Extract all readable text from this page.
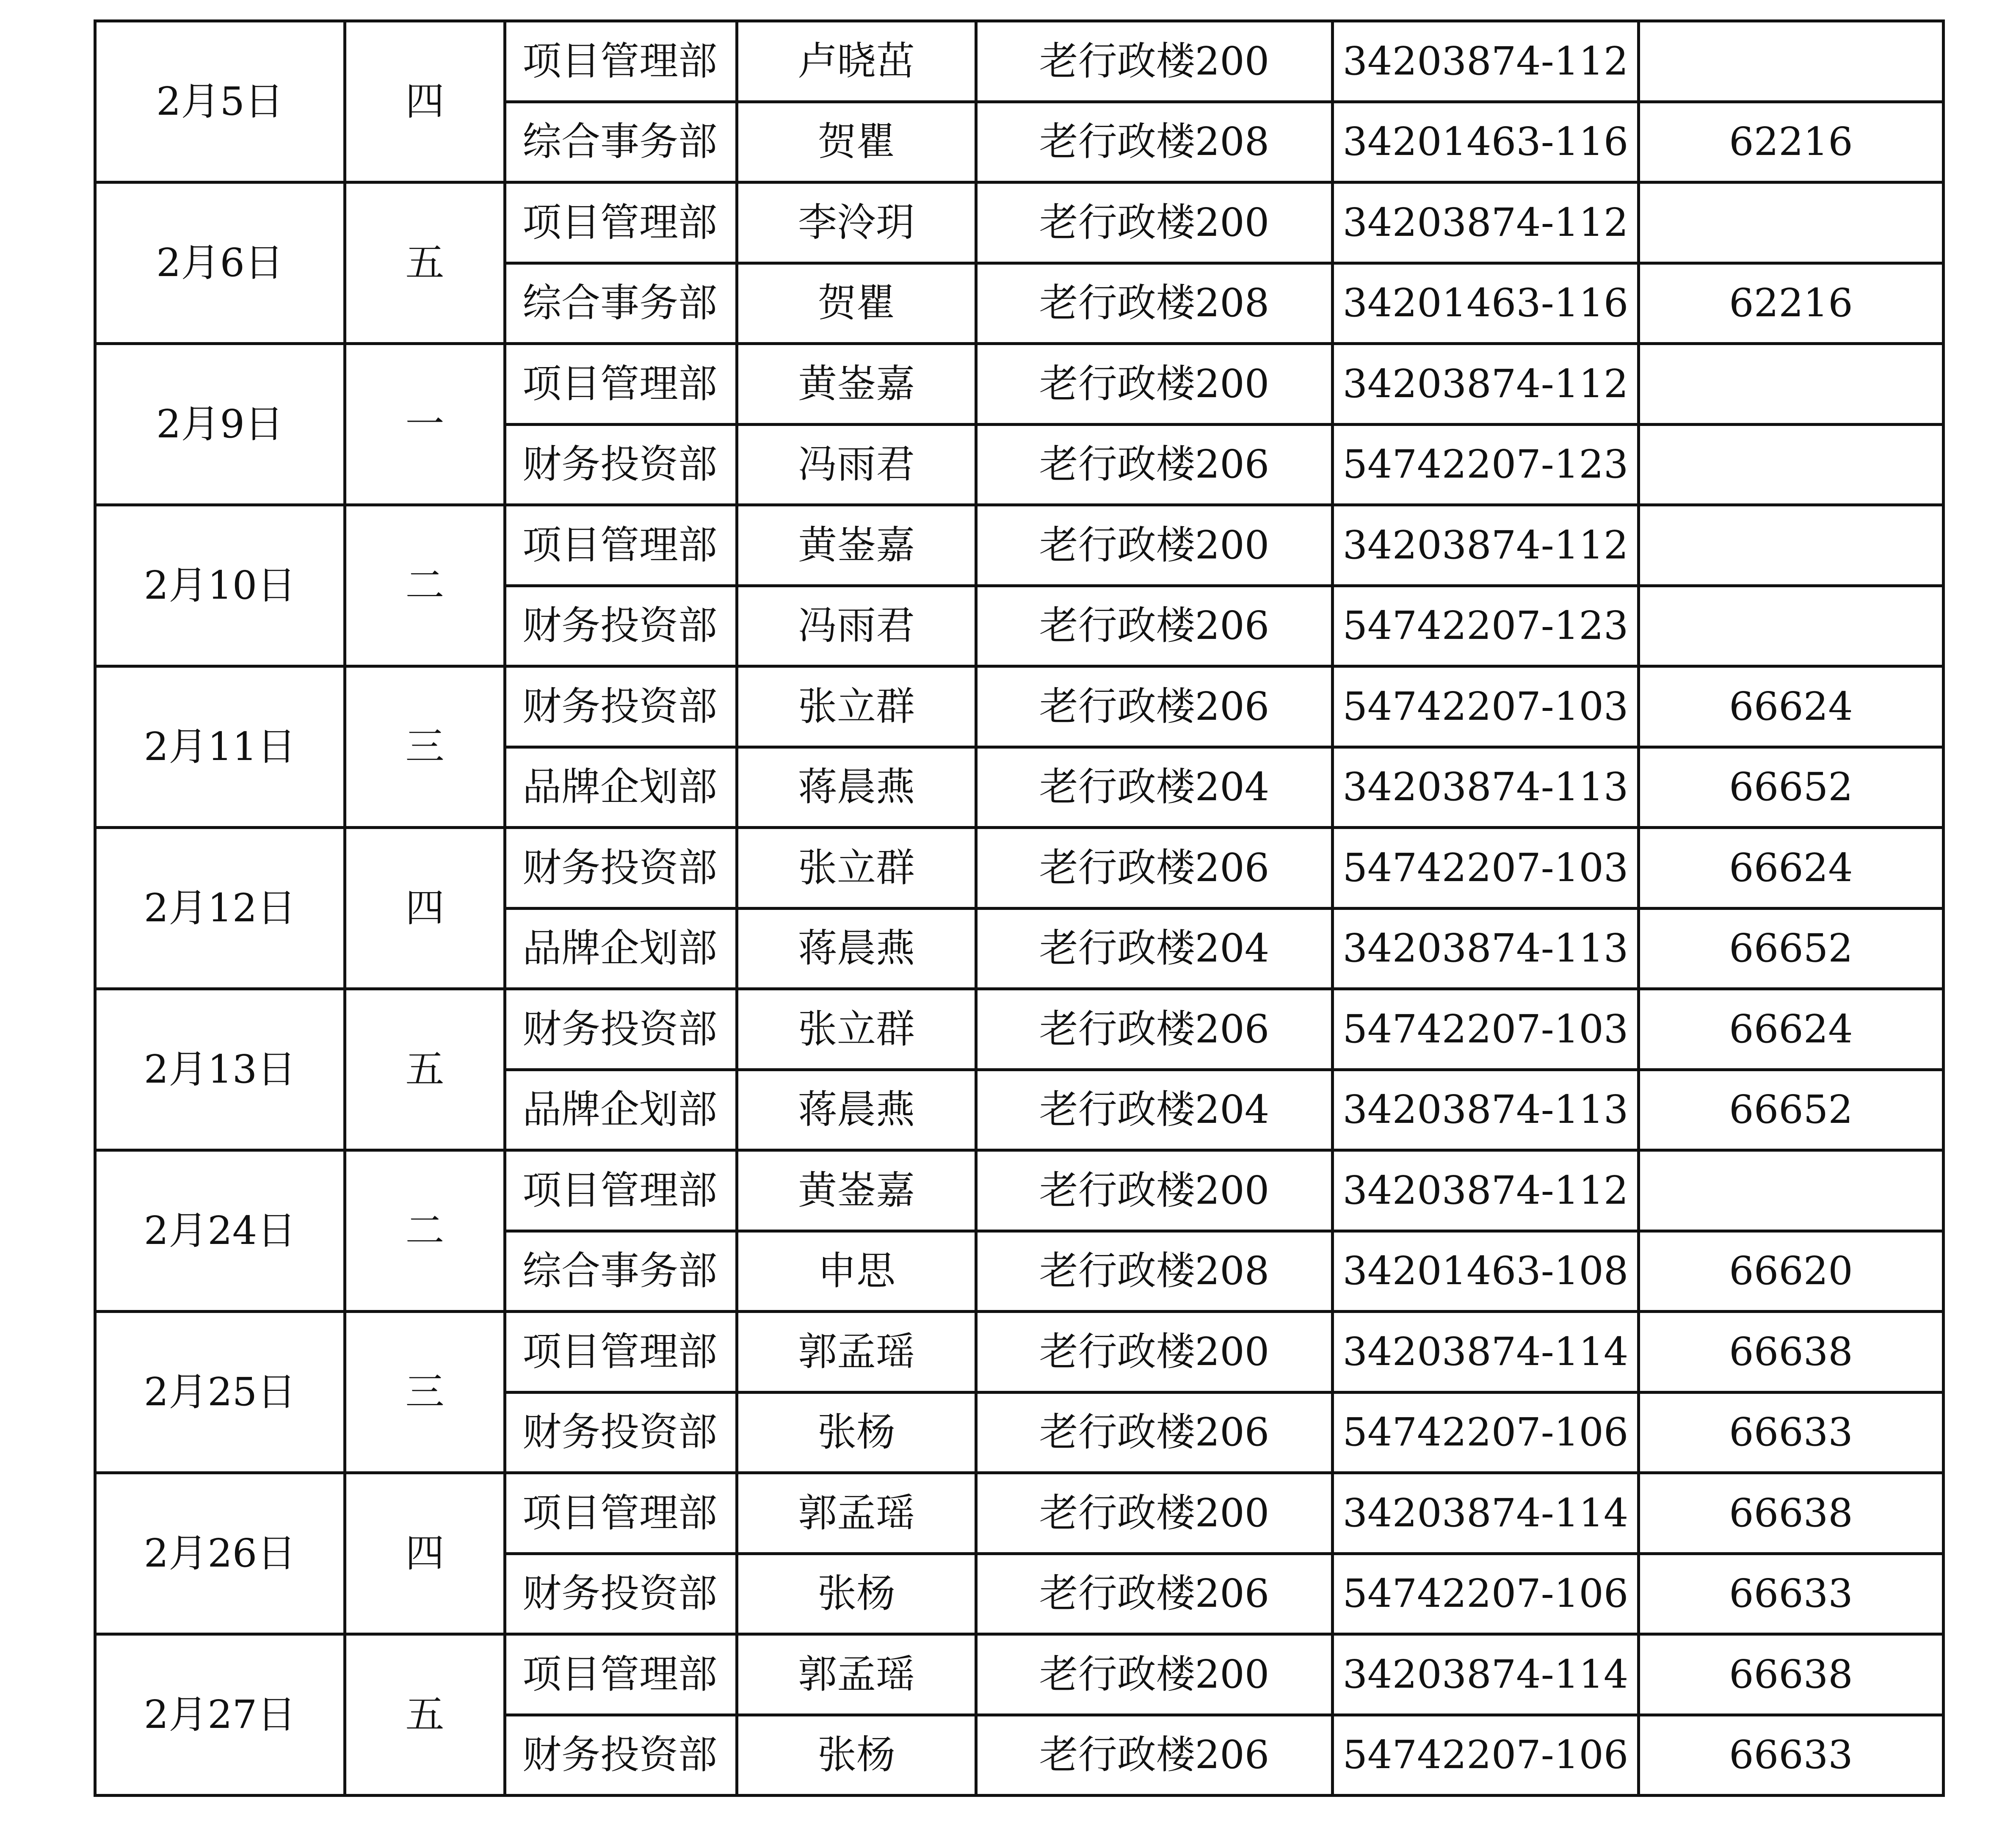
2月5日	四	项目管理部	卢晓茁	老行政楼200	34203874-112	
		综合事务部	贺瞿	老行政楼208	34201463-116	62216
2月6日	五	项目管理部	李泠玥	老行政楼200	34203874-112	
		综合事务部	贺瞿	老行政楼208	34201463-116	62216
2月9日	一	项目管理部	黄崟嘉	老行政楼200	34203874-112	
		财务投资部	冯雨君	老行政楼206	54742207-123	
2月10日	二	项目管理部	黄崟嘉	老行政楼200	34203874-112	
		财务投资部	冯雨君	老行政楼206	54742207-123	
2月11日	三	财务投资部	张立群	老行政楼206	54742207-103	66624
		品牌企划部	蒋晨燕	老行政楼204	34203874-113	66652
2月12日	四	财务投资部	张立群	老行政楼206	54742207-103	66624
		品牌企划部	蒋晨燕	老行政楼204	34203874-113	66652
2月13日	五	财务投资部	张立群	老行政楼206	54742207-103	66624
		品牌企划部	蒋晨燕	老行政楼204	34203874-113	66652
2月24日	二	项目管理部	黄崟嘉	老行政楼200	34203874-112	
		综合事务部	申思	老行政楼208	34201463-108	66620
2月25日	三	项目管理部	郭孟瑶	老行政楼200	34203874-114	66638
		财务投资部	张杨	老行政楼206	54742207-106	66633
2月26日	四	项目管理部	郭孟瑶	老行政楼200	34203874-114	66638
		财务投资部	张杨	老行政楼206	54742207-106	66633
2月27日	五	项目管理部	郭孟瑶	老行政楼200	34203874-114	66638
		财务投资部	张杨	老行政楼206	54742207-106	66633
